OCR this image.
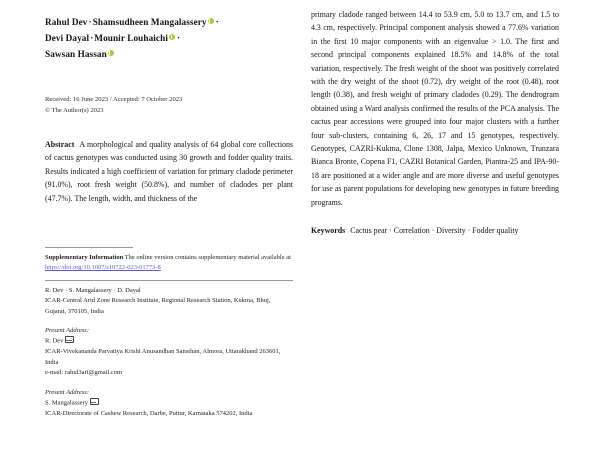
Rahul Dev·Shamsudheen Mangalassery ·
Devi Dayal·Mounir Louhaichi ·
Sawsan Hassan
Received: 16 June 2023 / Accepted: 7 October 2023
© The Author(s) 2023
Abstract A morphological and quality analysis of 64 global core collections of cactus genotypes was conducted using 30 growth and fodder quality traits. Results indicated a high coefficient of variation for primary cladode perimeter (91.0%), root fresh weight (50.8%), and number of cladodes per plant (47.7%). The length, width, and thickness of the
Supplementary Information The online version contains supplementary material available at https://doi.org/10.1007/s10722-023-01773-8
R. Dev · S. Mangalassery · D. Dayal
ICAR-Central Arid Zone Research Institute, Regional Research Station, Kukma, Bhuj, Gujarat, 370105, India
Present Address:
R. Dev
ICAR-Vivekananda Parvatiya Krishi Anusandhan Sansthan, Almora, Uttarakhand 263601, India
e-mail: rahul3ari@gmail.com
Present Address:
S. Mangalassery
ICAR-Directorate of Cashew Research, Darbe, Puttur, Karnataka 574202, India
primary cladode ranged between 14.4 to 53.9 cm, 5.0 to 13.7 cm, and 1.5 to 4.3 cm, respectively. Principal component analysis showed a 77.6% variation in the first 10 major components with an eigenvalue > 1.0. The first and second principal components explained 18.5% and 14.8% of the total variation, respectively. The fresh weight of the shoot was positively correlated with the dry weight of the shoot (0.72), dry weight of the root (0.48), root length (0.38), and fresh weight of primary cladodes (0.29). The dendrogram obtained using a Ward analysis confirmed the results of the PCA analysis. The cactus pear accessions were grouped into four major clusters with a further four sub-clusters, containing 6, 26, 17 and 15 genotypes, respectively. Genotypes, CAZRI-Kukma, Clone 1308, Jalpa, Mexico Unknown, Trunzara Bianca Bronte, Copena F1, CAZRI Botanical Garden, Piantra-25 and IPA-90-18 are positioned at a wider angle and are more diverse and useful genotypes for use as parent populations for developing new genotypes in future breeding programs.
Keywords Cactus pear · Correlation · Diversity · Fodder quality
